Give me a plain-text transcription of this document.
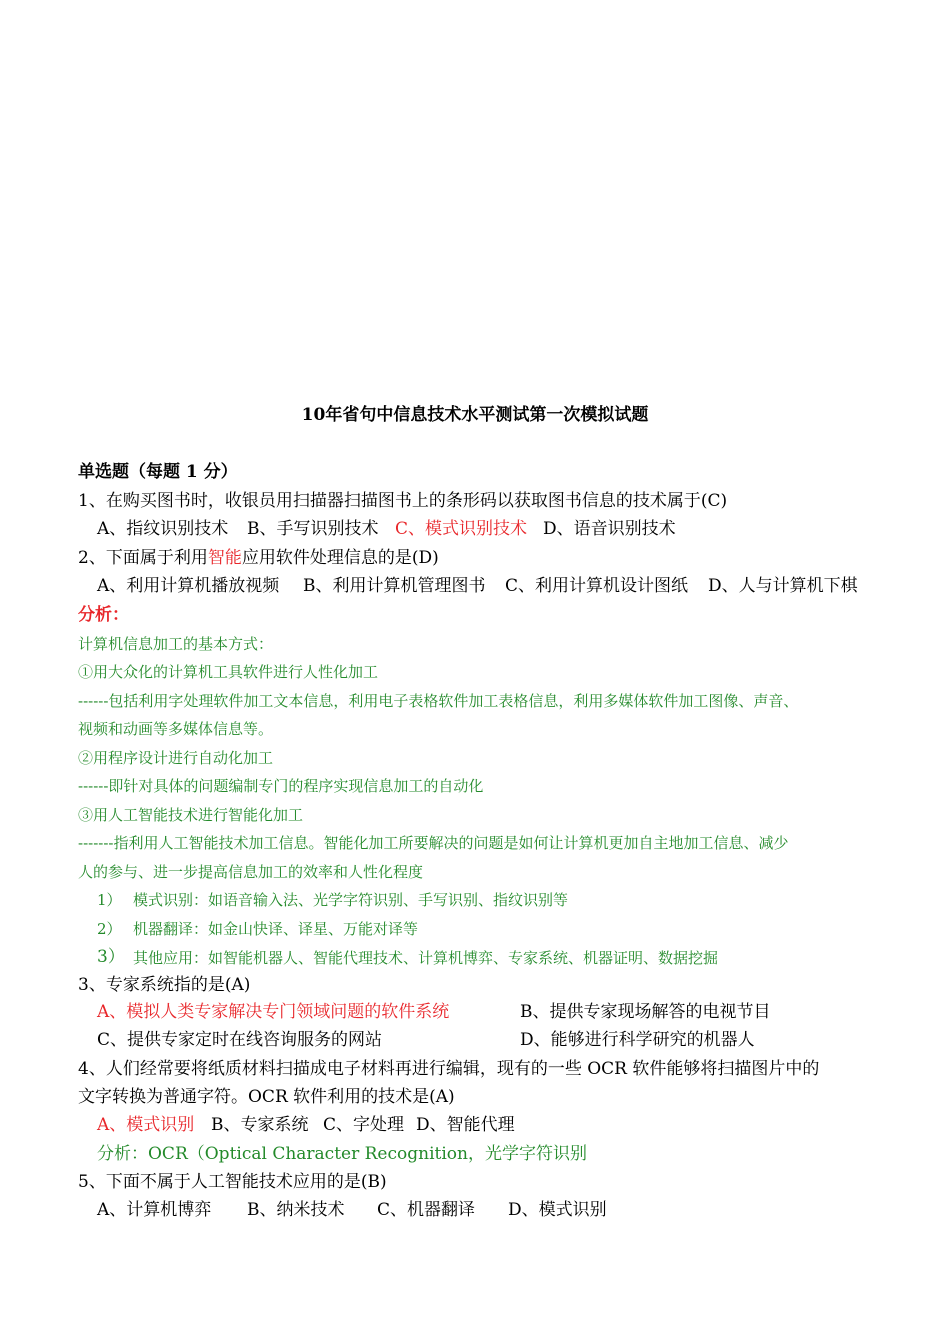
10年省句中信息技术水平测试第一次模拟试题
单选题（每题 1 分）
1、在购买图书时，收银员用扫描器扫描图书上的条形码以获取图书信息的技术属于(C)
A、指纹识别技术 B、手写识别技术 C、模式识别技术 D、语音识别技术
2、下面属于利用智能应用软件处理信息的是(D)
A、利用计算机播放视频 B、利用计算机管理图书 C、利用计算机设计图纸 D、人与计算机下棋
分析：
计算机信息加工的基本方式：
①用大众化的计算机工具软件进行人性化加工
------包括利用字处理软件加工文本信息，利用电子表格软件加工表格信息，利用多媒体软件加工图像、声音、
视频和动画等多媒体信息等。
②用程序设计进行自动化加工
------即针对具体的问题编制专门的程序实现信息加工的自动化
③用人工智能技术进行智能化加工
-------指利用人工智能技术加工信息。智能化加工所要解决的问题是如何让计算机更加自主地加工信息、减少
人的参与、进一步提高信息加工的效率和人性化程度
1） 模式识别：如语音输入法、光学字符识别、手写识别、指纹识别等
2） 机器翻译：如金山快译、译星、万能对译等
3） 其他应用：如智能机器人、智能代理技术、计算机博弈、专家系统、机器证明、数据挖掘
3、专家系统指的是(A)
A、模拟人类专家解决专门领域问题的软件系统	B、提供专家现场解答的电视节目
C、提供专家定时在线咨询服务的网站	D、能够进行科学研究的机器人
4、人们经常要将纸质材料扫描成电子材料再进行编辑，现有的一些 OCR 软件能够将扫描图片中的
文字转换为普通字符。OCR 软件利用的技术是(A)
A、模式识别 B、专家系统 C、字处理 D、智能代理
分析：OCR（Optical Character Recognition，光学字符识别
5、下面不属于人工智能技术应用的是(B)
A、计算机博弈 B、纳米技术 C、机器翻译 D、模式识别
